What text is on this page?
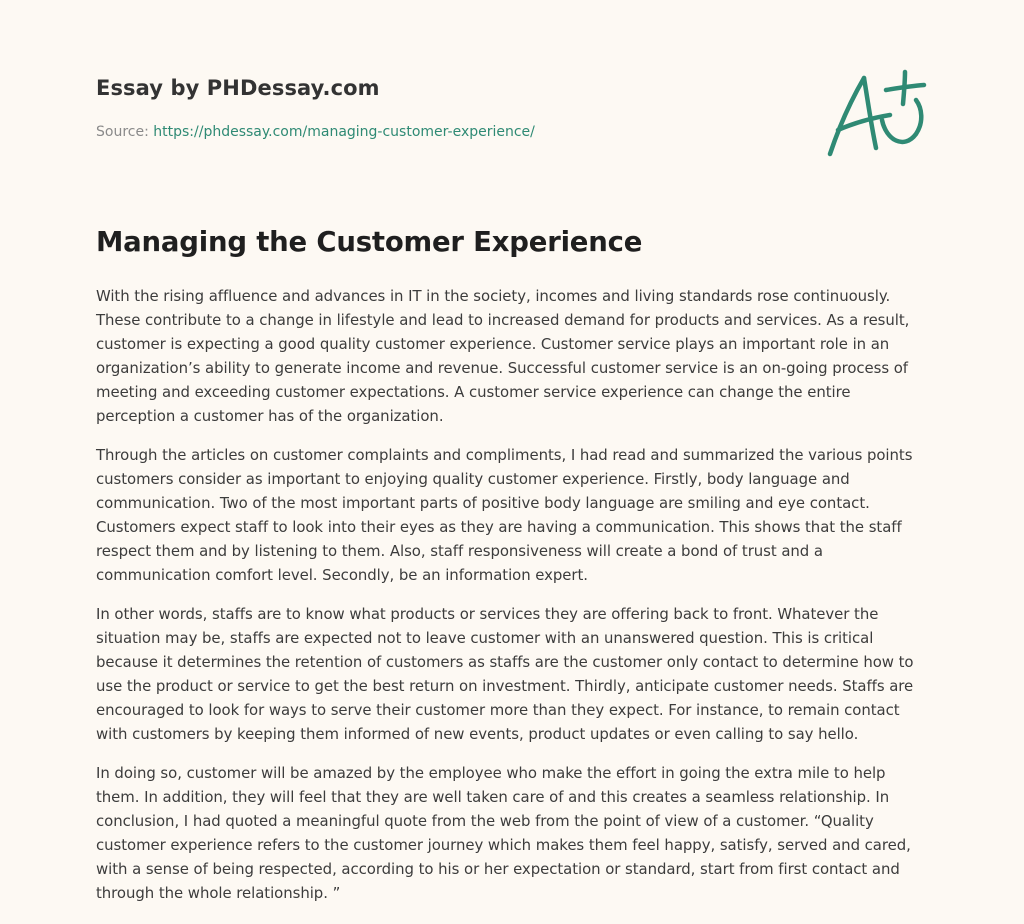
Essay by PHDessay.com
Source: https://phdessay.com/managing-customer-experience/
Managing the Customer Experience

With the rising affluence and advances in IT in the society, incomes and living standards rose continuously. These contribute to a change in lifestyle and lead to increased demand for products and services. As a result, customer is expecting a good quality customer experience. Customer service plays an important role in an organization’s ability to generate income and revenue. Successful customer service is an on-going process of meeting and exceeding customer expectations. A customer service experience can change the entire perception a customer has of the organization.

Through the articles on customer complaints and compliments, I had read and summarized the various points customers consider as important to enjoying quality customer experience. Firstly, body language and communication. Two of the most important parts of positive body language are smiling and eye contact. Customers expect staff to look into their eyes as they are having a communication. This shows that the staff respect them and by listening to them. Also, staff responsiveness will create a bond of trust and a communication comfort level. Secondly, be an information expert.

In other words, staffs are to know what products or services they are offering back to front. Whatever the situation may be, staffs are expected not to leave customer with an unanswered question. This is critical because it determines the retention of customers as staffs are the customer only contact to determine how to use the product or service to get the best return on investment. Thirdly, anticipate customer needs. Staffs are encouraged to look for ways to serve their customer more than they expect. For instance, to remain contact with customers by keeping them informed of new events, product updates or even calling to say hello.

In doing so, customer will be amazed by the employee who make the effort in going the extra mile to help them. In addition, they will feel that they are well taken care of and this creates a seamless relationship. In conclusion, I had quoted a meaningful quote from the web from the point of view of a customer. “Quality customer experience refers to the customer journey which makes them feel happy, satisfy, served and cared, with a sense of being respected, according to his or her expectation or standard, start from first contact and through the whole relationship. ”
